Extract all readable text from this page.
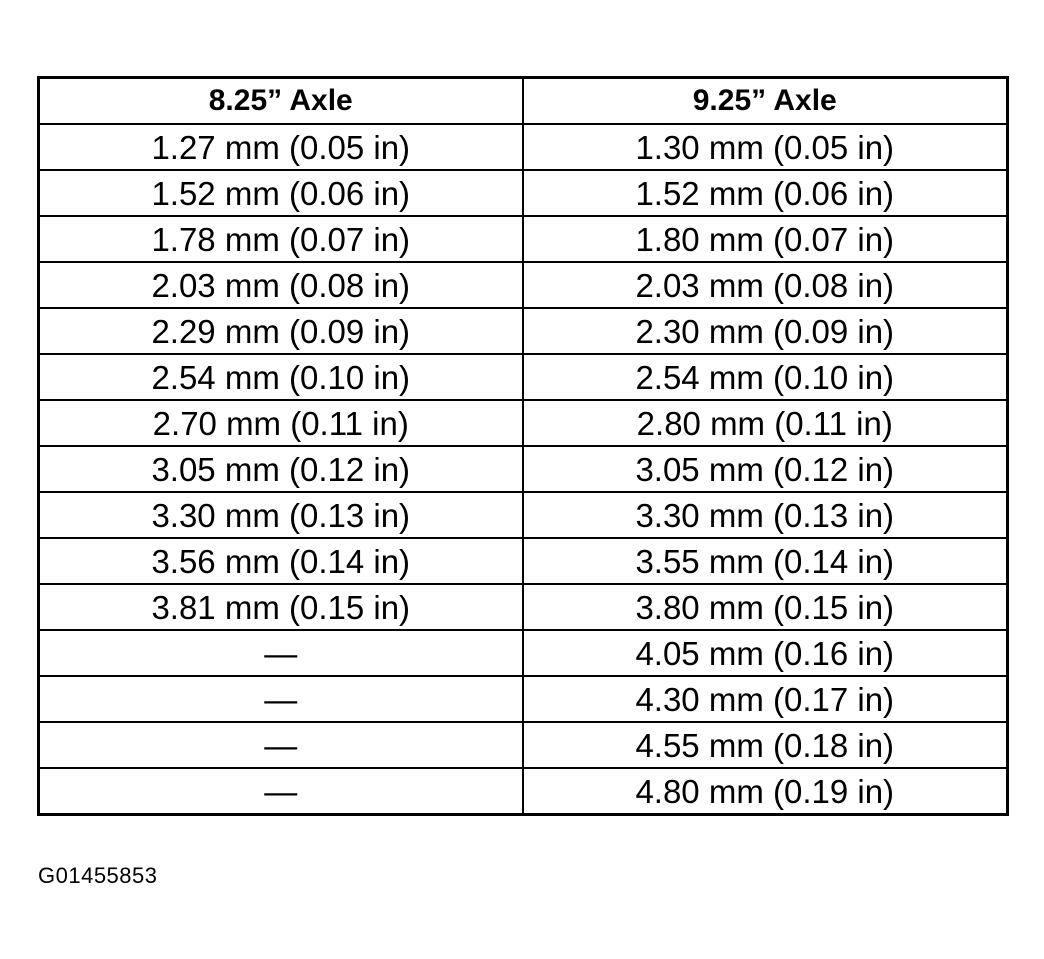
8.25” Axle	9.25” Axle
1.27 mm (0.05 in)	1.30 mm (0.05 in)
1.52 mm (0.06 in)	1.52 mm (0.06 in)
1.78 mm (0.07 in)	1.80 mm (0.07 in)
2.03 mm (0.08 in)	2.03 mm (0.08 in)
2.29 mm (0.09 in)	2.30 mm (0.09 in)
2.54 mm (0.10 in)	2.54 mm (0.10 in)
2.70 mm (0.11 in)	2.80 mm (0.11 in)
3.05 mm (0.12 in)	3.05 mm (0.12 in)
3.30 mm (0.13 in)	3.30 mm (0.13 in)
3.56 mm (0.14 in)	3.55 mm (0.14 in)
3.81 mm (0.15 in)	3.80 mm (0.15 in)
—	4.05 mm (0.16 in)
—	4.30 mm (0.17 in)
—	4.55 mm (0.18 in)
—	4.80 mm (0.19 in)
G01455853
